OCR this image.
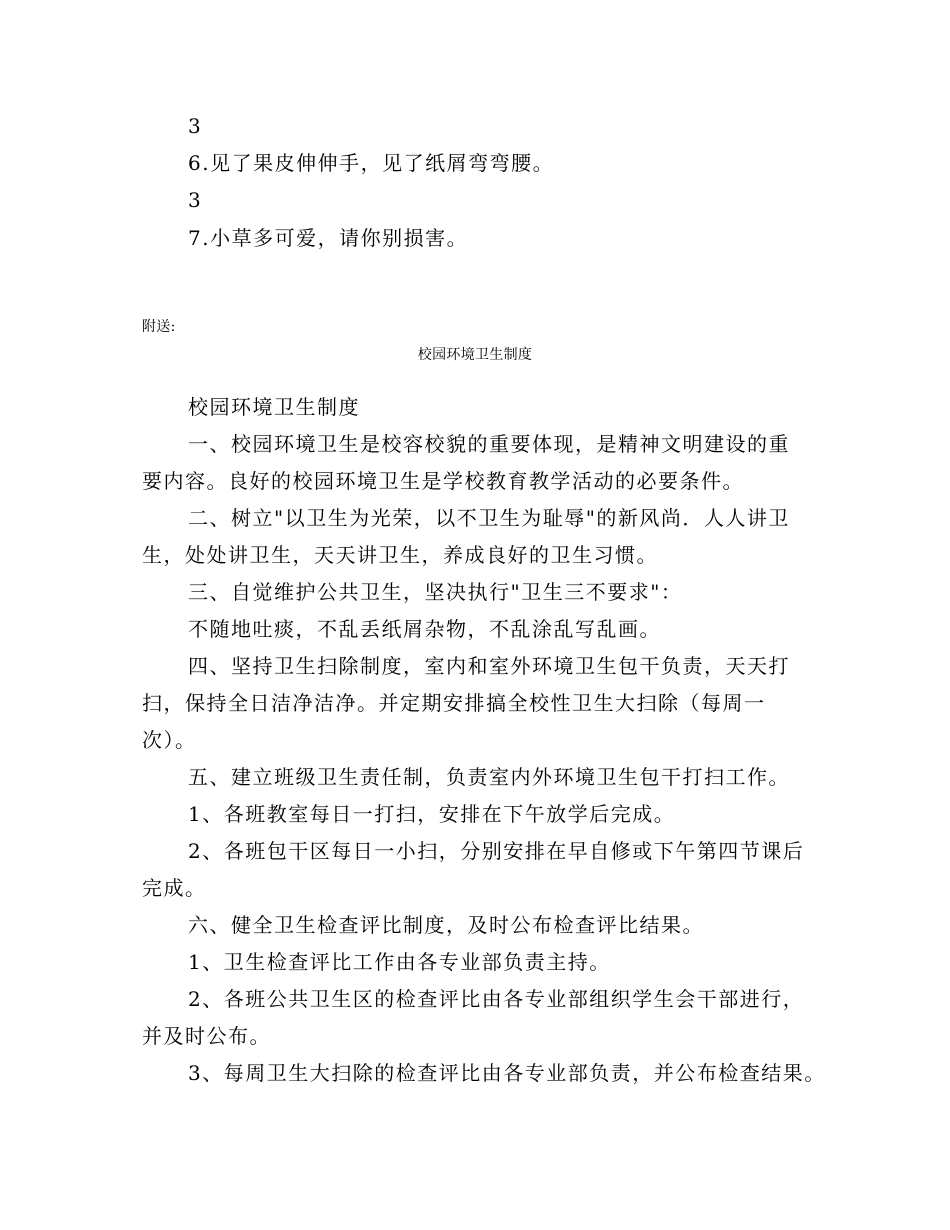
3

6.见了果皮伸伸手，见了纸屑弯弯腰。

3

7.小草多可爱，请你别损害。

附送:

校园环境卫生制度

校园环境卫生制度

一、校园环境卫生是校容校貌的重要体现，是精神文明建设的重

要内容。良好的校园环境卫生是学校教育教学活动的必要条件。

二、树立"以卫生为光荣，以不卫生为耻辱"的新风尚．人人讲卫

生，处处讲卫生，天天讲卫生，养成良好的卫生习惯。

三、自觉维护公共卫生，坚决执行"卫生三不要求"：

不随地吐痰，不乱丢纸屑杂物，不乱涂乱写乱画。

四、坚持卫生扫除制度，室内和室外环境卫生包干负责，天天打

扫，保持全日洁净洁净。并定期安排搞全校性卫生大扫除（每周一

次）。

五、建立班级卫生责任制，负责室内外环境卫生包干打扫工作。

1、各班教室每日一打扫，安排在下午放学后完成。

2、各班包干区每日一小扫，分别安排在早自修或下午第四节课后

完成。

六、健全卫生检查评比制度，及时公布检查评比结果。

1、卫生检查评比工作由各专业部负责主持。

2、各班公共卫生区的检查评比由各专业部组织学生会干部进行，

并及时公布。

3、每周卫生大扫除的检查评比由各专业部负责，并公布检查结果。
